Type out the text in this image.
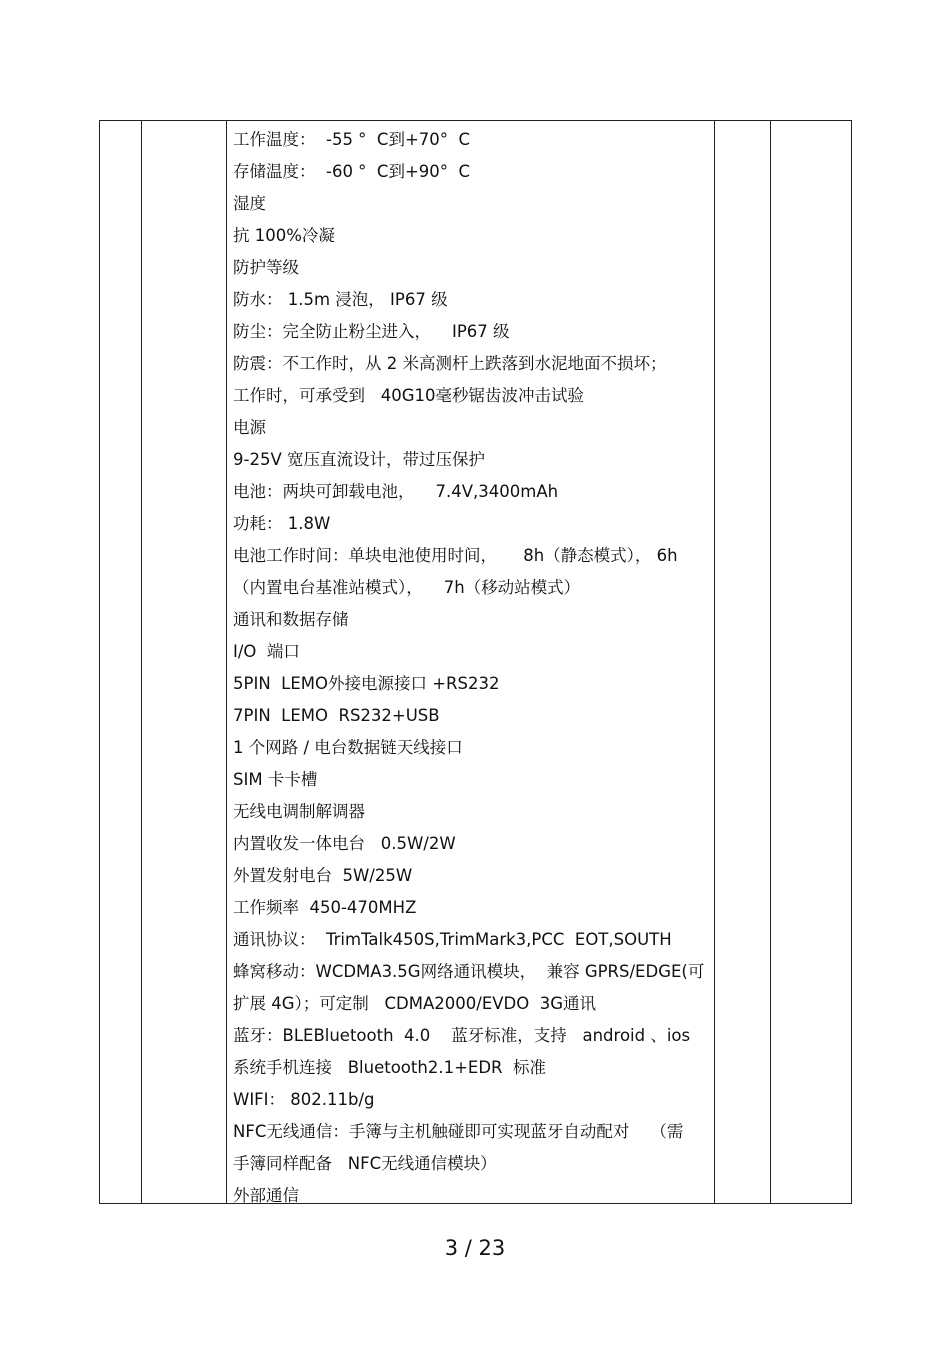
工作温度：  -55 °  C到+70°  C
存储温度：  -60 °  C到+90°  C
湿度
抗 100%冷凝
防护等级
防水： 1.5m 浸泡， IP67 级
防尘：完全防止粉尘进入，    IP67 级
防震：不工作时，从 2 米高测杆上跌落到水泥地面不损坏；
工作时，可承受到   40G10毫秒锯齿波冲击试验
电源
9-25V 宽压直流设计，带过压保护
电池：两块可卸载电池，    7.4V,3400mAh
功耗： 1.8W
电池工作时间：单块电池使用时间，     8h（静态模式）， 6h
（内置电台基准站模式），    7h（移动站模式）
通讯和数据存储
I/O  端口
5PIN  LEMO外接电源接口 +RS232
7PIN  LEMO  RS232+USB
1 个网路 / 电台数据链天线接口
SIM 卡卡槽
无线电调制解调器
内置收发一体电台   0.5W/2W
外置发射电台  5W/25W
工作频率  450-470MHZ
通讯协议：  TrimTalk450S,TrimMark3,PCC  EOT,SOUTH
蜂窝移动：WCDMA3.5G网络通讯模块，  兼容 GPRS/EDGE(可
扩展 4G）；可定制   CDMA2000/EVDO  3G通讯
蓝牙：BLEBluetooth  4.0    蓝牙标准，支持   android 、ios
系统手机连接   Bluetooth2.1+EDR  标准
WIFI： 802.11b/g
NFC无线通信：手簿与主机触碰即可实现蓝牙自动配对    （需
手簿同样配备   NFC无线通信模块）
外部通信
3 / 23
